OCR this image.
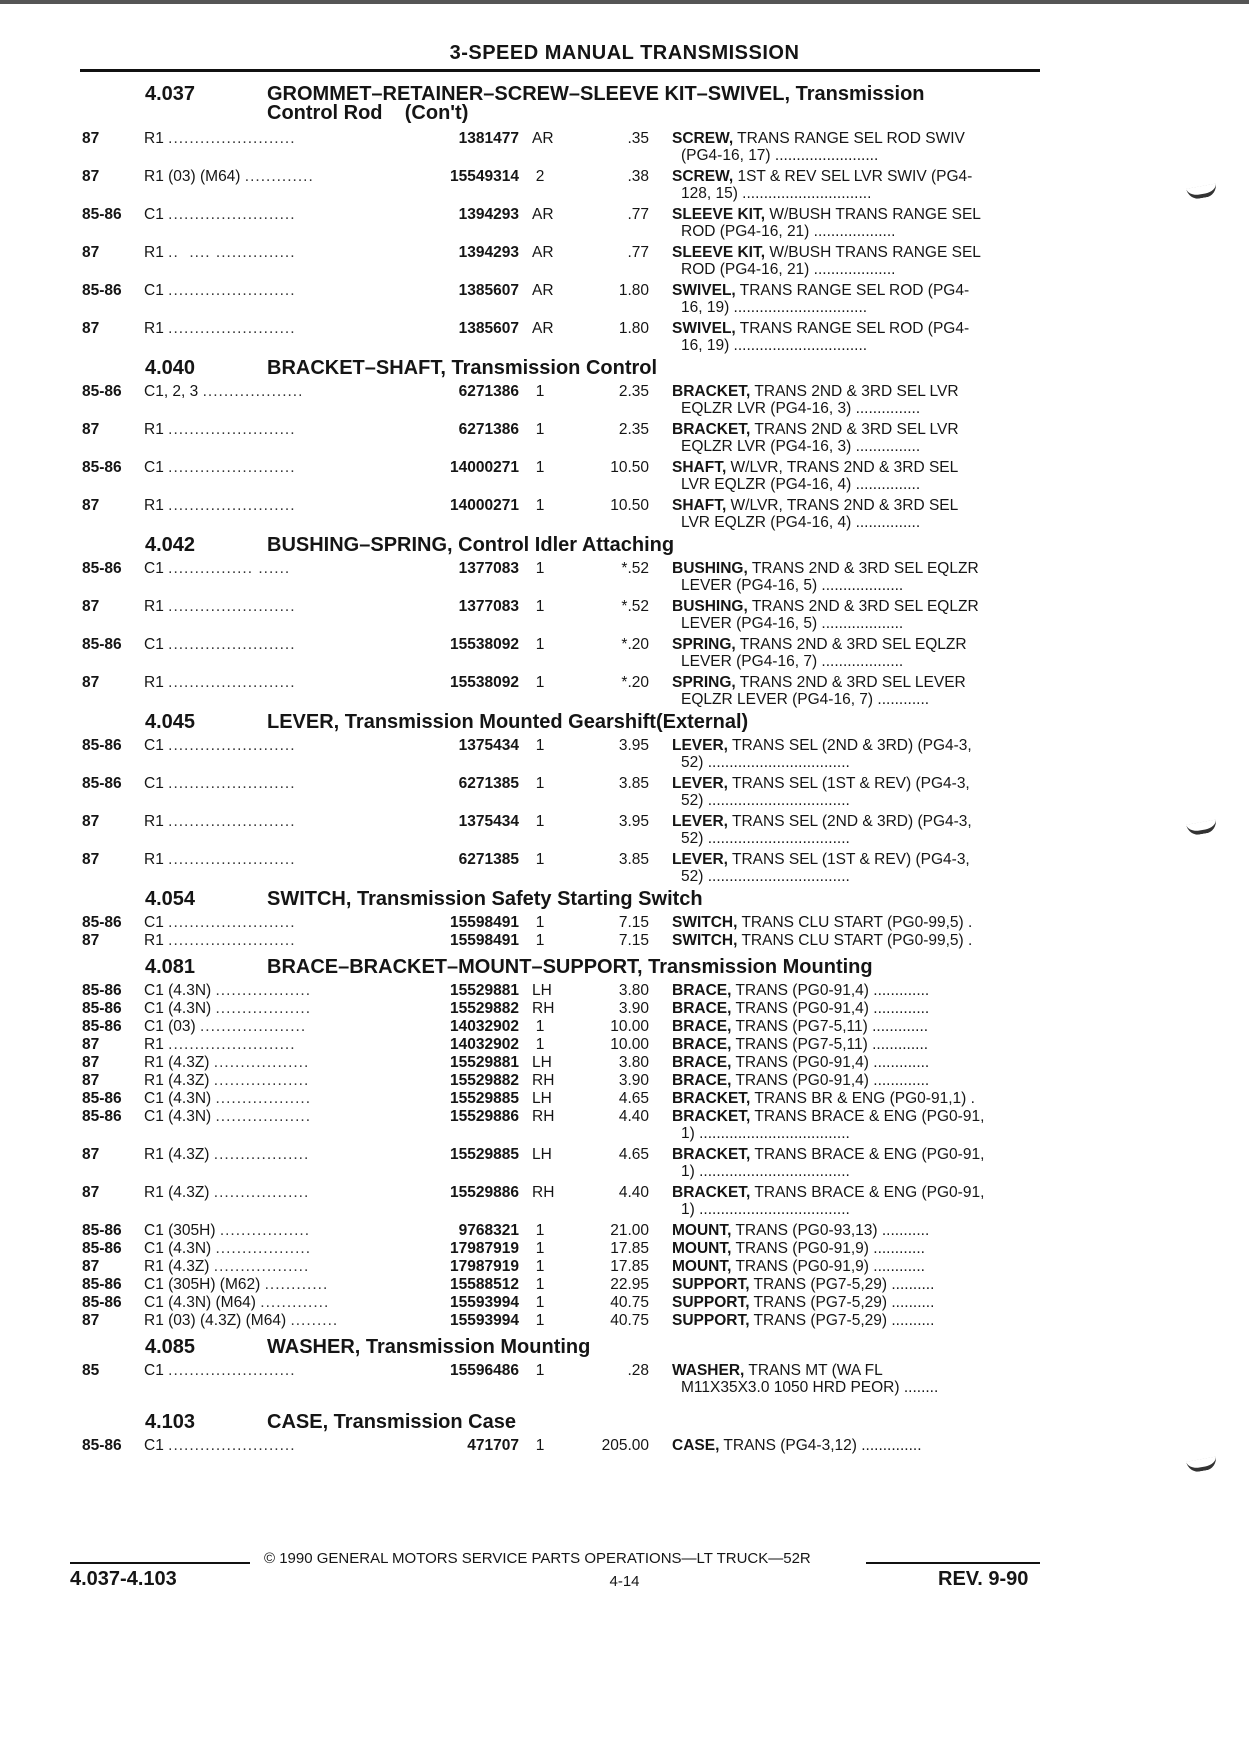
3-SPEED MANUAL TRANSMISSION
4.037	GROMMET–RETAINER–SCREW–SLEEVE KIT–SWIVEL, Transmission
Control Rod    (Con't)
87	R1 ........................	1381477 AR	.35 SCREW, TRANS RANGE SEL ROD SWIV
(PG4-16, 17) ........................
87	R1 (03) (M64) .............	15549314 2	.38 SCREW, 1ST & REV SEL LVR SWIV (PG4-
128, 15) ..............................
85-86 C1 ........................	1394293 AR	.77 SLEEVE KIT, W/BUSH TRANS RANGE SEL
ROD (PG4-16, 21) ...................
87	R1 ..  .... ...............	1394293 AR	.77 SLEEVE KIT, W/BUSH TRANS RANGE SEL
ROD (PG4-16, 21) ...................
85-86 C1 ........................	1385607 AR	1.80 SWIVEL, TRANS RANGE SEL ROD (PG4-
16, 19) ...............................
87	R1 ........................	1385607 AR	1.80 SWIVEL, TRANS RANGE SEL ROD (PG4-
16, 19) ...............................
4.040	BRACKET–SHAFT, Transmission Control
85-86 C1, 2, 3 ...................	6271386 1	2.35 BRACKET, TRANS 2ND & 3RD SEL LVR
EQLZR LVR (PG4-16, 3) ...............
87	R1 ........................	6271386 1	2.35 BRACKET, TRANS 2ND & 3RD SEL LVR
EQLZR LVR (PG4-16, 3) ...............
85-86 C1 ........................	14000271 1	10.50 SHAFT, W/LVR, TRANS 2ND & 3RD SEL
LVR EQLZR (PG4-16, 4) ...............
87	R1 ........................	14000271 1	10.50 SHAFT, W/LVR, TRANS 2ND & 3RD SEL
LVR EQLZR (PG4-16, 4) ...............
4.042	BUSHING–SPRING, Control Idler Attaching
85-86 C1 ................ ......	1377083 1	*.52 BUSHING, TRANS 2ND & 3RD SEL EQLZR
LEVER (PG4-16, 5) ...................
87	R1 ........................	1377083 1	*.52 BUSHING, TRANS 2ND & 3RD SEL EQLZR
LEVER (PG4-16, 5) ...................
85-86 C1 ........................	15538092 1	*.20 SPRING, TRANS 2ND & 3RD SEL EQLZR
LEVER (PG4-16, 7) ...................
87	R1 ........................	15538092 1	*.20 SPRING, TRANS 2ND & 3RD SEL LEVER
EQLZR LEVER (PG4-16, 7) ............
4.045	LEVER, Transmission Mounted Gearshift(External)
85-86 C1 ........................	1375434 1	3.95 LEVER, TRANS SEL (2ND & 3RD) (PG4-3,
52) .................................
85-86 C1 ........................	6271385 1	3.85 LEVER, TRANS SEL (1ST & REV) (PG4-3,
52) .................................
87	R1 ........................	1375434 1	3.95 LEVER, TRANS SEL (2ND & 3RD) (PG4-3,
52) .................................
87	R1 ........................	6271385 1	3.85 LEVER, TRANS SEL (1ST & REV) (PG4-3,
52) .................................
4.054	SWITCH, Transmission Safety Starting Switch
85-86 C1 ........................	15598491 1	7.15 SWITCH, TRANS CLU START (PG0-99,5) .
87	R1 ........................	15598491 1	7.15 SWITCH, TRANS CLU START (PG0-99,5) .
4.081	BRACE–BRACKET–MOUNT–SUPPORT, Transmission Mounting
85-86 C1 (4.3N) ..................	15529881 LH	3.80 BRACE, TRANS (PG0-91,4) .............
85-86 C1 (4.3N) ..................	15529882 RH	3.90 BRACE, TRANS (PG0-91,4) .............
85-86 C1 (03) ....................	14032902 1	10.00 BRACE, TRANS (PG7-5,11) .............
87	R1 ........................	14032902 1	10.00 BRACE, TRANS (PG7-5,11) .............
87	R1 (4.3Z) ..................	15529881 LH	3.80 BRACE, TRANS (PG0-91,4) .............
87	R1 (4.3Z) ..................	15529882 RH	3.90 BRACE, TRANS (PG0-91,4) .............
85-86 C1 (4.3N) ..................	15529885 LH	4.65 BRACKET, TRANS BR & ENG (PG0-91,1) .
85-86 C1 (4.3N) ..................	15529886 RH	4.40 BRACKET, TRANS BRACE & ENG (PG0-91,
1) ...................................
87	R1 (4.3Z) ..................	15529885 LH	4.65 BRACKET, TRANS BRACE & ENG (PG0-91,
1) ...................................
87	R1 (4.3Z) ..................	15529886 RH	4.40 BRACKET, TRANS BRACE & ENG (PG0-91,
1) ...................................
85-86 C1 (305H) .................	9768321 1	21.00 MOUNT, TRANS (PG0-93,13) ...........
85-86 C1 (4.3N) ..................	17987919 1	17.85 MOUNT, TRANS (PG0-91,9) ............
87	R1 (4.3Z) ..................	17987919 1	17.85 MOUNT, TRANS (PG0-91,9) ............
85-86 C1 (305H) (M62) ............	15588512 1	22.95 SUPPORT, TRANS (PG7-5,29) ..........
85-86 C1 (4.3N) (M64) .............	15593994 1	40.75 SUPPORT, TRANS (PG7-5,29) ..........
87	R1 (03) (4.3Z) (M64) .........	15593994 1	40.75 SUPPORT, TRANS (PG7-5,29) ..........
4.085	WASHER, Transmission Mounting
85	C1 ........................	15596486 1	.28 WASHER, TRANS MT (WA FL
M11X35X3.0 1050 HRD PEOR) ........
4.103	CASE, Transmission Case
85-86 C1 ........................	471707 1	205.00 CASE, TRANS (PG4-3,12) ..............
© 1990 GENERAL MOTORS SERVICE PARTS OPERATIONS—LT TRUCK—52R
4.037-4.103	4-14	REV. 9-90
